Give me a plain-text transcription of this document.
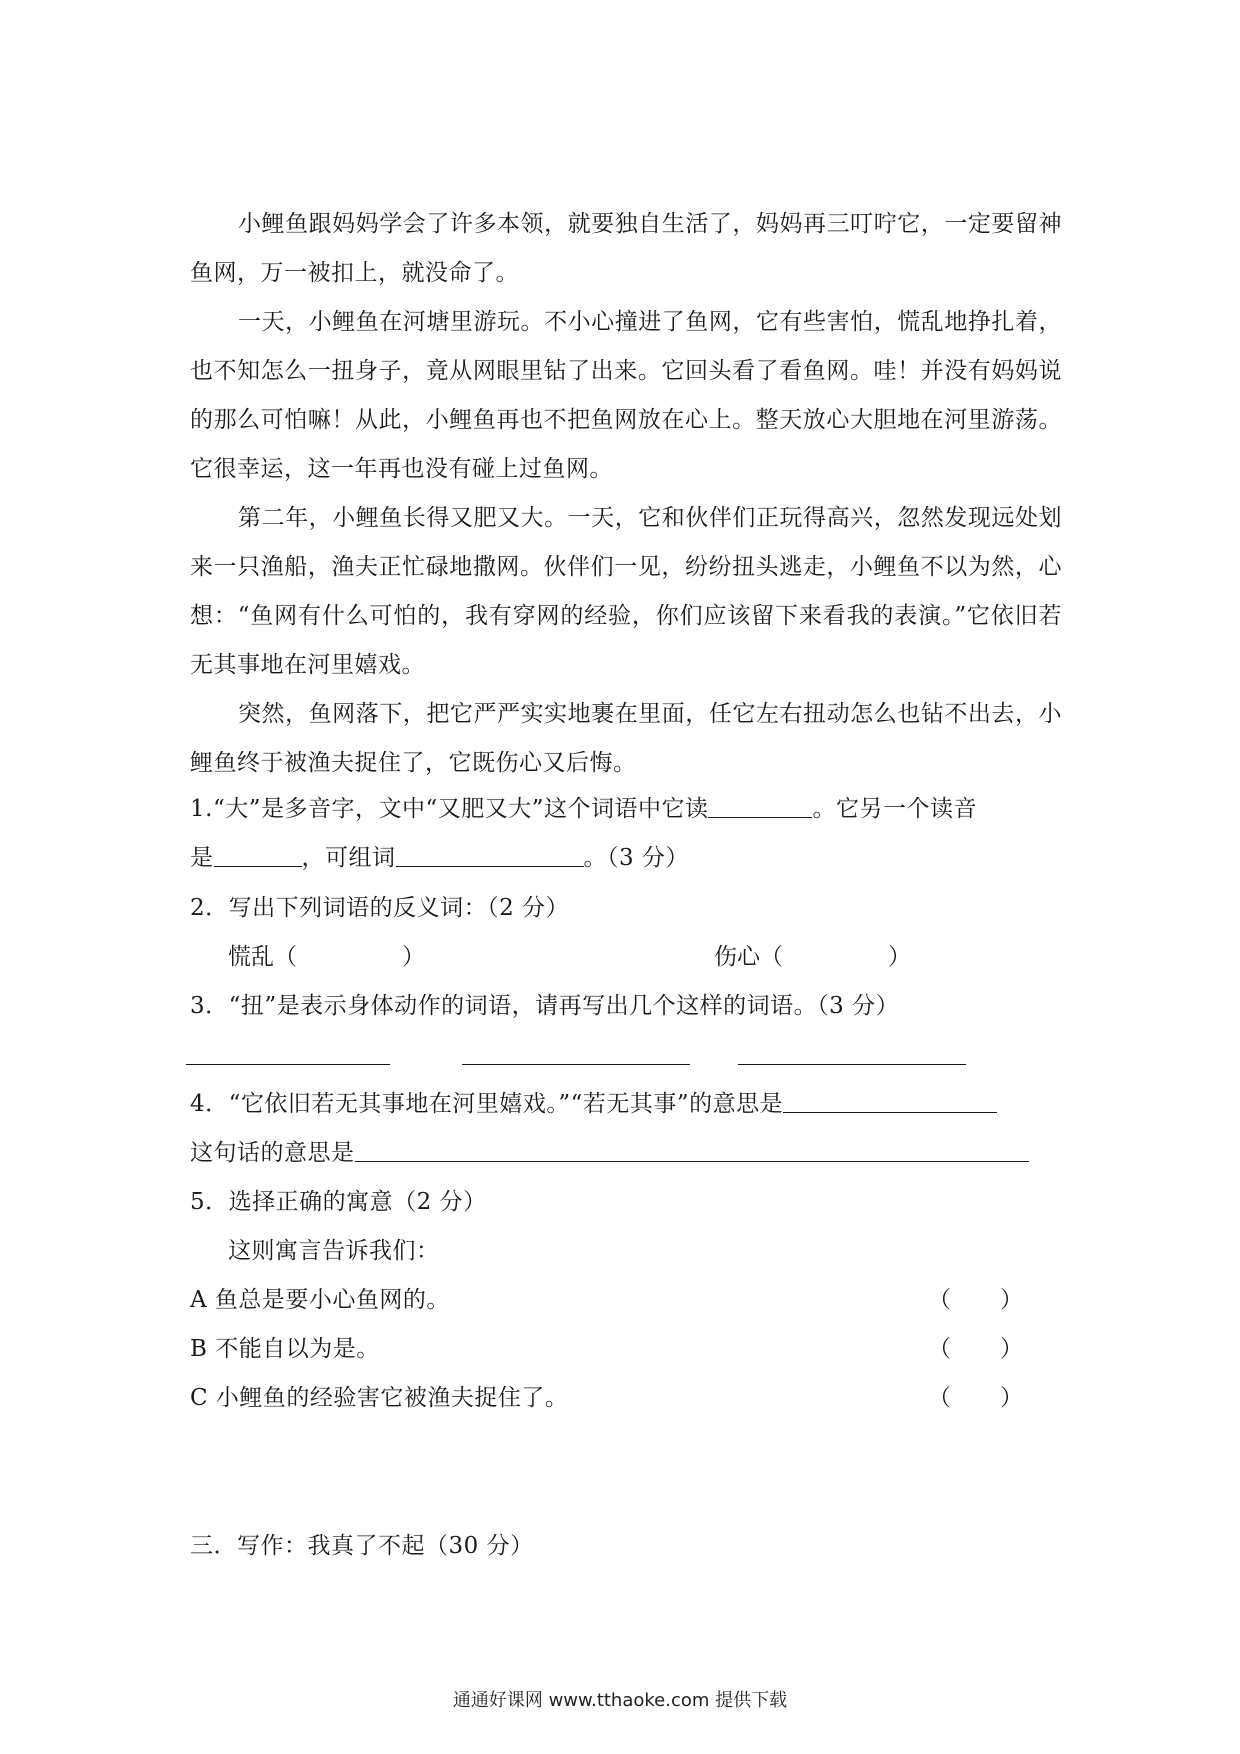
小鲤鱼跟妈妈学会了许多本领，就要独自生活了，妈妈再三叮咛它，一定要留神鱼网，万一被扣上，就没命了。
一天，小鲤鱼在河塘里游玩。不小心撞进了鱼网，它有些害怕，慌乱地挣扎着，也不知怎么一扭身子，竟从网眼里钻了出来。它回头看了看鱼网。哇！并没有妈妈说的那么可怕嘛！从此，小鲤鱼再也不把鱼网放在心上。整天放心大胆地在河里游荡。它很幸运，这一年再也没有碰上过鱼网。
第二年，小鲤鱼长得又肥又大。一天，它和伙伴们正玩得高兴，忽然发现远处划来一只渔船，渔夫正忙碌地撒网。伙伴们一见，纷纷扭头逃走，小鲤鱼不以为然，心想：“鱼网有什么可怕的，我有穿网的经验，你们应该留下来看我的表演。”它依旧若无其事地在河里嬉戏。
突然，鱼网落下，把它严严实实地裹在里面，任它左右扭动怎么也钻不出去，小鲤鱼终于被渔夫捉住了，它既伤心又后悔。
1.“大”是多音字，文中“又肥又大”这个词语中它读	。它另一个读音
是	，可组词	。（3 分）
2．写出下列词语的反义词：（2 分）
慌乱（	）	伤心（	）
3．“扭”是表示身体动作的词语，请再写出几个这样的词语。（3 分）
4．“它依旧若无其事地在河里嬉戏。”“若无其事”的意思是
这句话的意思是
5．选择正确的寓意（2 分）
这则寓言告诉我们：
A 鱼总是要小心鱼网的。	（ ）
B 不能自以为是。	（ ）
C 小鲤鱼的经验害它被渔夫捉住了。	（ ）
三．写作：我真了不起（30 分）
通通好课网 www.tthaoke.com 提供下载
